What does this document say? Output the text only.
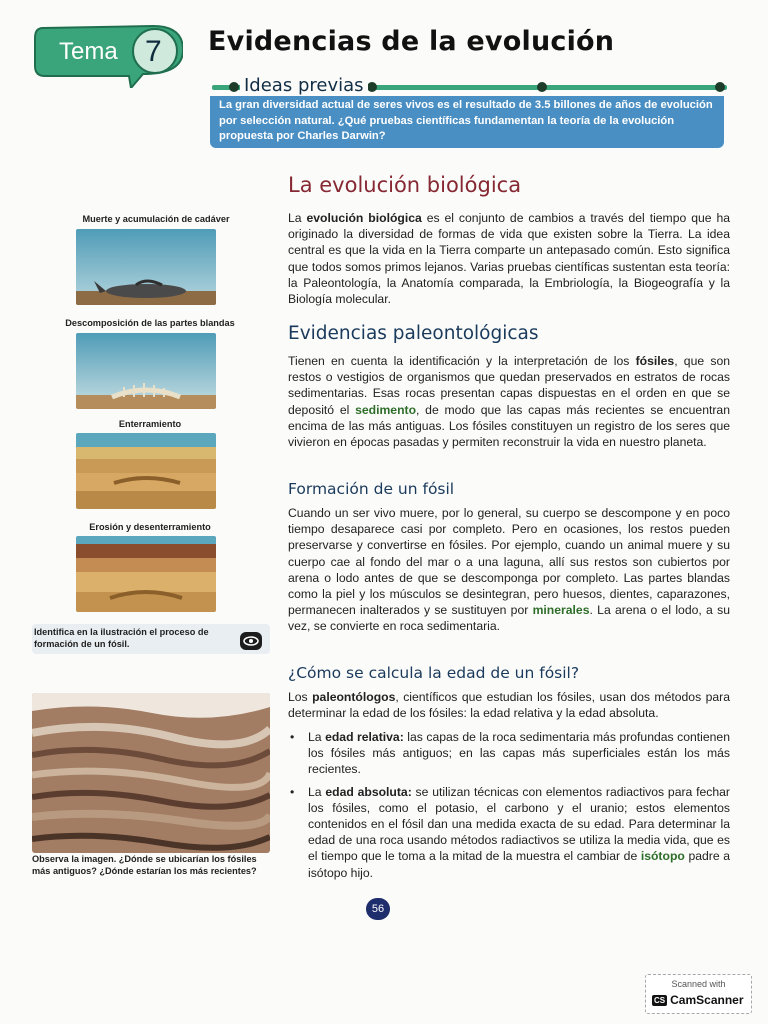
Tema 7 Evidencias de la evolución
Ideas previas
La gran diversidad actual de seres vivos es el resultado de 3.5 billones de años de evolución por selección natural. ¿Qué pruebas científicas fundamentan la teoría de la evolución propuesta por Charles Darwin?
La evolución biológica
La evolución biológica es el conjunto de cambios a través del tiempo que ha originado la diversidad de formas de vida que existen sobre la Tierra. La idea central es que la vida en la Tierra comparte un antepasado común. Esto significa que todos somos primos lejanos. Varias pruebas científicas sustentan esta teoría: la Paleontología, la Anatomía comparada, la Embriología, la Biogeografía y la Biología molecular.
Evidencias paleontológicas
Tienen en cuenta la identificación y la interpretación de los fósiles, que son restos o vestigios de organismos que quedan preservados en estratos de rocas sedimentarias. Esas rocas presentan capas dispuestas en el orden en que se depositó el sedimento, de modo que las capas más recientes se encuentran encima de las más antiguas. Los fósiles constituyen un registro de los seres que vivieron en épocas pasadas y permiten reconstruir la vida en nuestro planeta.
Formación de un fósil
Cuando un ser vivo muere, por lo general, su cuerpo se descompone y en poco tiempo desaparece casi por completo. Pero en ocasiones, los restos pueden preservarse y convertirse en fósiles. Por ejemplo, cuando un animal muere y su cuerpo cae al fondo del mar o a una laguna, allí sus restos son cubiertos por arena o lodo antes de que se descomponga por completo. Las partes blandas como la piel y los músculos se desintegran, pero huesos, dientes, caparazones, permanecen inalterados y se sustituyen por minerales. La arena o el lodo, a su vez, se convierte en roca sedimentaria.
¿Cómo se calcula la edad de un fósil?
Los paleontólogos, científicos que estudian los fósiles, usan dos métodos para determinar la edad de los fósiles: la edad relativa y la edad absoluta.
• La edad relativa: las capas de la roca sedimentaria más profundas contienen los fósiles más antiguos; en las capas más superficiales están los más recientes.
• La edad absoluta: se utilizan técnicas con elementos radiactivos para fechar los fósiles, como el potasio, el carbono y el uranio; estos elementos contenidos en el fósil dan una medida exacta de su edad. Para determinar la edad de una roca usando métodos radiactivos se utiliza la media vida, que es el tiempo que le toma a la mitad de la muestra el cambiar de isótopo padre a isótopo hijo.
Muerte y acumulación de cadáver
Descomposición de las partes blandas
Enterramiento
Erosión y desenterramiento
Identifica en la ilustración el proceso de formación de un fósil.
Observa la imagen. ¿Dónde se ubicarían los fósiles más antiguos? ¿Dónde estarían los más recientes?
56
Scanned with
CS CamScanner
